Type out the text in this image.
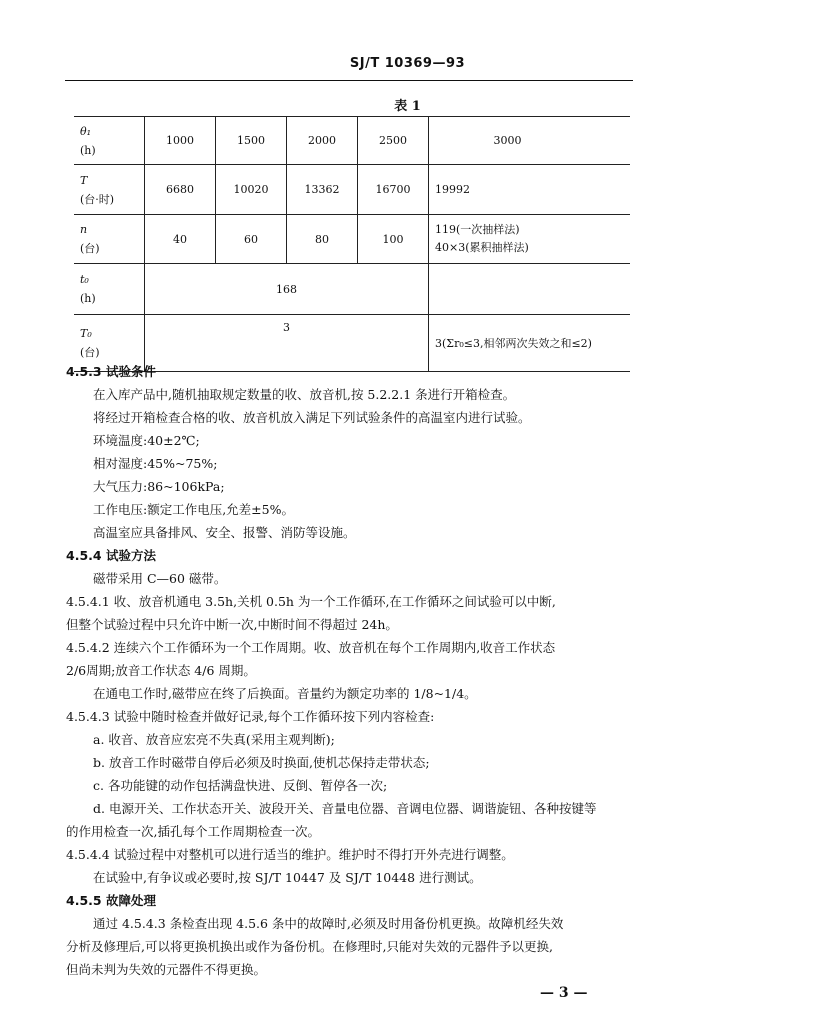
SJ/T 10369—93
表 1
θ₁
(h)	1000	1500	2000	2500	3000
T
(台·时)	6680	10020	13362	16700	19992
n
(台)	40	60	80	100	119(一次抽样法)
40×3(累积抽样法)
t₀
(h)	168				
T₀
(台)	3				3(Σr₀≤3,相邻两次失效之和≤2)
4.5.3 试验条件
在入库产品中,随机抽取规定数量的收、放音机,按 5.2.2.1 条进行开箱检查。
将经过开箱检查合格的收、放音机放入满足下列试验条件的高温室内进行试验。
环境温度:40±2℃;
相对湿度:45%~75%;
大气压力:86~106kPa;
工作电压:额定工作电压,允差±5%。
高温室应具备排风、安全、报警、消防等设施。
4.5.4 试验方法
磁带采用 C—60 磁带。
4.5.4.1 收、放音机通电 3.5h,关机 0.5h 为一个工作循环,在工作循环之间试验可以中断,
但整个试验过程中只允许中断一次,中断时间不得超过 24h。
4.5.4.2 连续六个工作循环为一个工作周期。收、放音机在每个工作周期内,收音工作状态
2/6周期;放音工作状态 4/6 周期。
在通电工作时,磁带应在终了后换面。音量约为额定功率的 1/8~1/4。
4.5.4.3 试验中随时检查并做好记录,每个工作循环按下列内容检查:
a. 收音、放音应宏亮不失真(采用主观判断);
b. 放音工作时磁带自停后必须及时换面,使机芯保持走带状态;
c. 各功能键的动作包括满盘快进、反倒、暂停各一次;
d. 电源开关、工作状态开关、波段开关、音量电位器、音调电位器、调谐旋钮、各种按键等
的作用检查一次,插孔每个工作周期检查一次。
4.5.4.4 试验过程中对整机可以进行适当的维护。维护时不得打开外壳进行调整。
在试验中,有争议或必要时,按 SJ/T 10447 及 SJ/T 10448 进行测试。
4.5.5 故障处理
通过 4.5.4.3 条检查出现 4.5.6 条中的故障时,必须及时用备份机更换。故障机经失效
分析及修理后,可以将更换机换出或作为备份机。在修理时,只能对失效的元器件予以更换,
但尚未判为失效的元器件不得更换。
— 3 —
